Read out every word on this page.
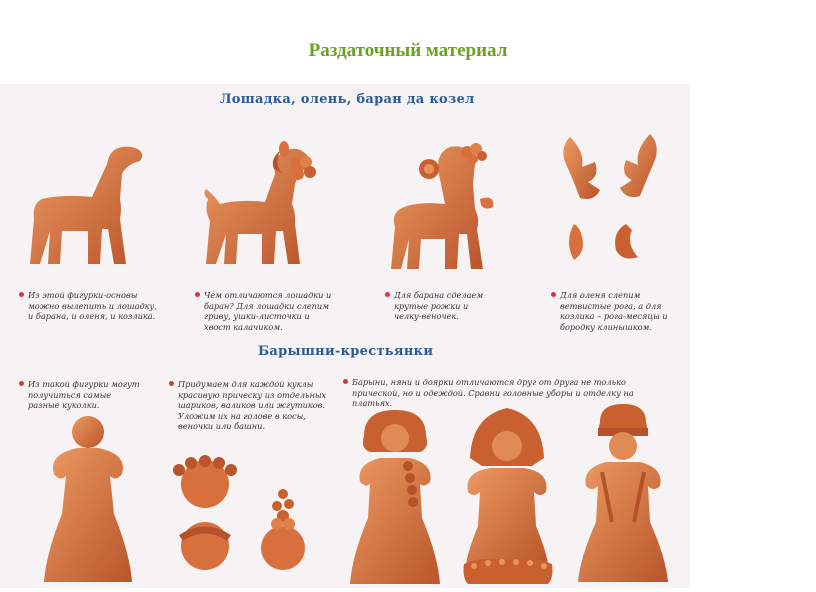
Раздаточный материал
Лошадка, олень, баран да козел
Барышни-крестьянки
Из этой фигурки-основы можно вылепить и лошадку, и барана, и оленя, и козлика.
Чем отличаются лошадки и баран? Для лошадки слепим гриву, ушки-листочки и хвост калачиком.
Для барана сделаем крутые рожки и челку-веночек.
Для оленя слепим ветвистые рога, а для козлика – рога-месяцы и бородку клинышком.
Из такой фигурки могут получиться самые разные куколки.
Придумаем для каждой куклы красивую прическу из отдельных шариков, валиков или жгутиков. Уложим их на голове в косы, веночки или башни.
Барыни, няни и доярки отличаются друг от друга не только прической, но и одеждой. Сравни головные уборы и отделку на платьях.
